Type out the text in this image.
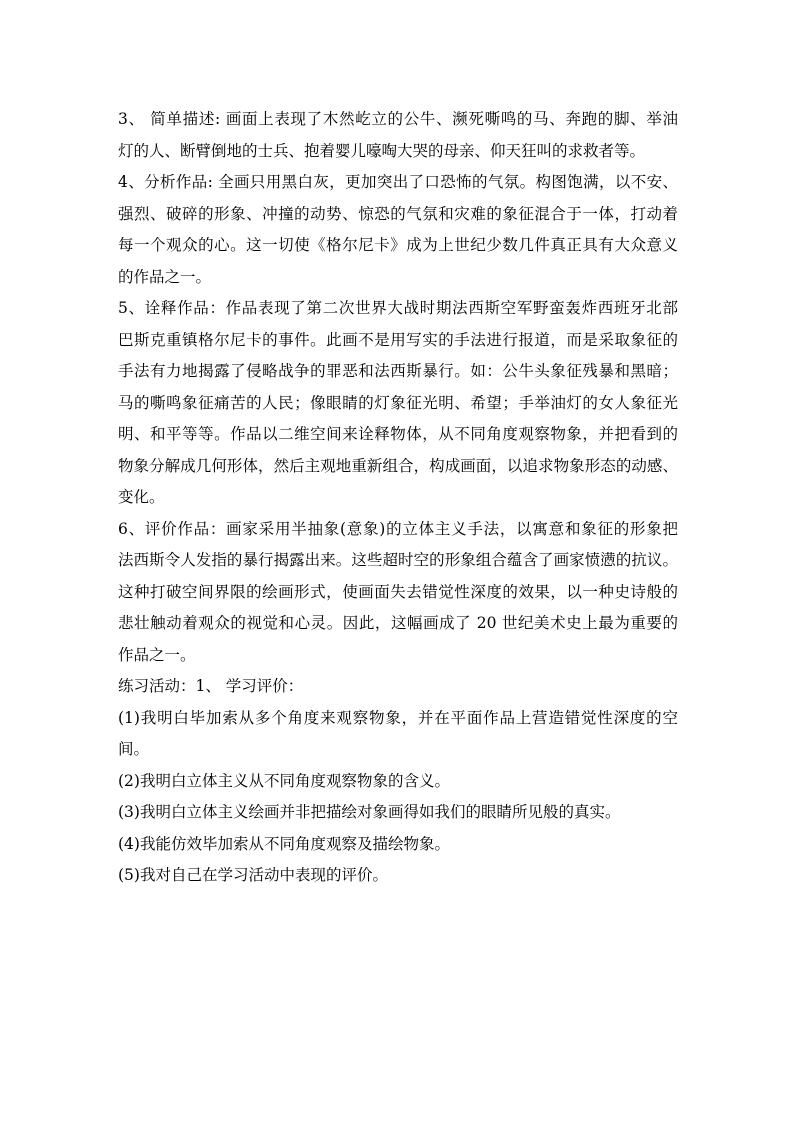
3、 简单描述: 画面上表现了木然屹立的公牛、濒死嘶鸣的马、奔跑的脚、举油
灯的人、断臂倒地的士兵、抱着婴儿嚎啕大哭的母亲、仰天狂叫的求救者等。
4、分析作品: 全画只用黑白灰，更加突出了口恐怖的气氛。构图饱满，以不安、
强烈、破碎的形象、冲撞的动势、惊恐的气氛和灾难的象征混合于一体，打动着
每一个观众的心。这一切使《格尔尼卡》成为上世纪少数几件真正具有大众意义
的作品之一。
5、诠释作品：作品表现了第二次世界大战时期法西斯空军野蛮轰炸西班牙北部
巴斯克重镇格尔尼卡的事件。此画不是用写实的手法进行报道，而是采取象征的
手法有力地揭露了侵略战争的罪恶和法西斯暴行。如：公牛头象征残暴和黑暗；
马的嘶鸣象征痛苦的人民；像眼睛的灯象征光明、希望；手举油灯的女人象征光
明、和平等等。作品以二维空间来诠释物体，从不同角度观察物象，并把看到的
物象分解成几何形体，然后主观地重新组合，构成画面，以追求物象形态的动感、
变化。
6、评价作品：画家采用半抽象(意象)的立体主义手法，以寓意和象征的形象把
法西斯令人发指的暴行揭露出来。这些超时空的形象组合蕴含了画家愤懑的抗议。
这种打破空间界限的绘画形式，使画面失去错觉性深度的效果，以一种史诗般的
悲壮触动着观众的视觉和心灵。因此，这幅画成了 20 世纪美术史上最为重要的
作品之一。
练习活动：1、 学习评价：
(1)我明白毕加索从多个角度来观察物象，并在平面作品上营造错觉性深度的空
间。
(2)我明白立体主义从不同角度观察物象的含义。
(3)我明白立体主义绘画并非把描绘对象画得如我们的眼睛所见般的真实。
(4)我能仿效毕加索从不同角度观察及描绘物象。
(5)我对自己在学习活动中表现的评价。
